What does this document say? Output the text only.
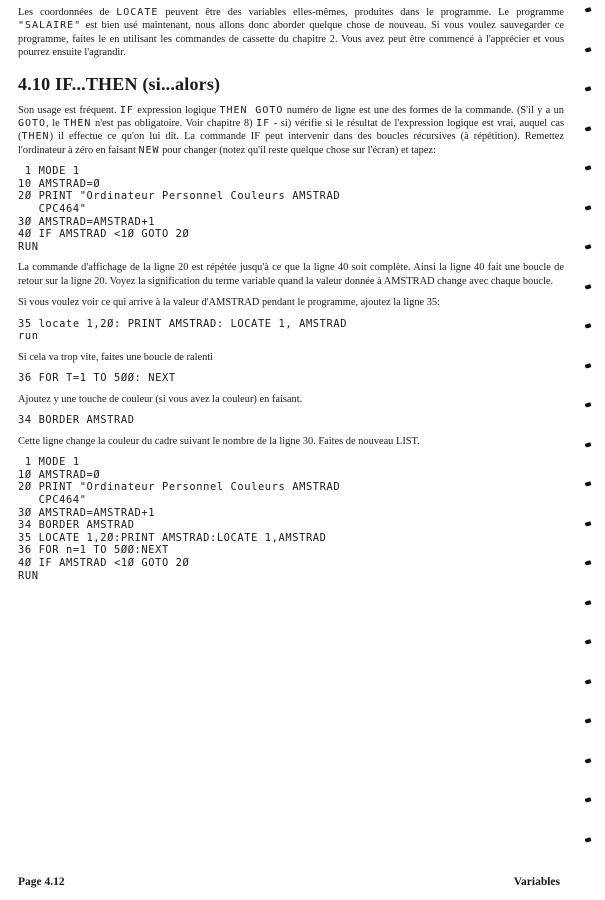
Les coordonnées de LOCATE peuvent être des variables elles-mêmes, produites dans le programme. Le programme "SALAIRE" est bien usé maintenant, nous allons donc aborder quelque chose de nouveau. Si vous voulez sauvegarder ce programme, faites le en utilisant les commandes de cassette du chapitre 2. Vous avez peut être commencé à l'apprécier et vous pourrez ensuite l'agrandir.

4.10 IF...THEN (si...alors)

Son usage est fréquent. IF expression logique THEN GOTO numéro de ligne est une des formes de la commande. (S'il y a un GOTO, le THEN n'est pas obligatoire. Voir chapitre 8) IF - si) vérifie si le résultat de l'expression logique est vrai, auquel cas (THEN) il effectue ce qu'on lui dit. La commande IF peut intervenir dans des boucles récursives (à répétition). Remettez l'ordinateur à zéro en faisant NEW pour changer (notez qu'il reste quelque chose sur l'écran) et tapez:

1 MODE 1
10 AMSTRAD=Ø
2Ø PRINT "Ordinateur Personnel Couleurs AMSTRAD
CPC464"
3Ø AMSTRAD=AMSTRAD+1
4Ø IF AMSTRAD <1Ø GOTO 2Ø
RUN

La commande d'affichage de la ligne 20 est répétée jusqu'à ce que la ligne 40 soit complète. Ainsi la ligne 40 fait une boucle de retour sur la ligne 20. Voyez la signification du terme variable quand la valeur donnée à AMSTRAD change avec chaque boucle.

Si vous voulez voir ce qui arrive à la valeur d'AMSTRAD pendant le programme, ajoutez la ligne 35:

35 locate 1,2Ø: PRINT AMSTRAD: LOCATE 1, AMSTRAD
run

Si cela va trop vite, faites une boucle de ralenti

36 FOR T=1 TO 5ØØ: NEXT

Ajoutez y une touche de couleur (si vous avez la couleur) en faisant.

34 BORDER AMSTRAD

Cette ligne change la couleur du cadre suivant le nombre de la ligne 30. Faites de nouveau LIST.

1 MODE 1
1Ø AMSTRAD=Ø
2Ø PRINT "Ordinateur Personnel Couleurs AMSTRAD
CPC464"
3Ø AMSTRAD=AMSTRAD+1
34 BORDER AMSTRAD
35 LOCATE 1,2Ø:PRINT AMSTRAD:LOCATE 1,AMSTRAD
36 FOR n=1 TO 5ØØ:NEXT
4Ø IF AMSTRAD <1Ø GOTO 2Ø
RUN
Page 4.12	Variables
